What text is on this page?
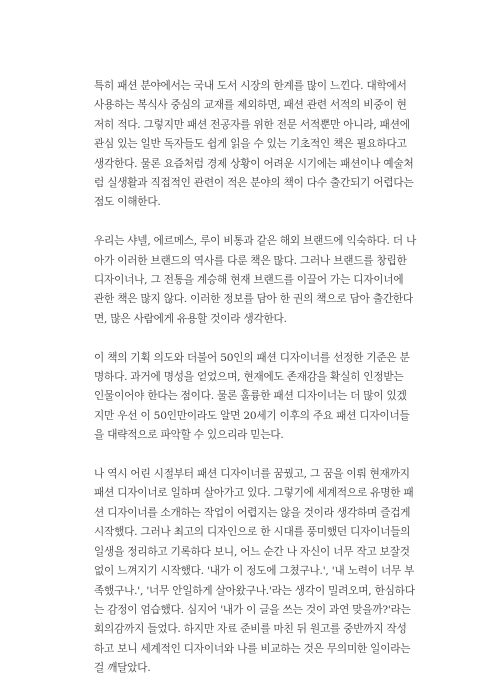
특히 패션 분야에서는 국내 도서 시장의 한계를 많이 느낀다. 대학에서
사용하는 복식사 중심의 교재를 제외하면, 패션 관련 서적의 비중이 현
저히 적다. 그렇지만 패션 전공자를 위한 전문 서적뿐만 아니라, 패션에
관심 있는 일반 독자들도 쉽게 읽을 수 있는 기초적인 책은 필요하다고
생각한다. 물론 요즘처럼 경제 상황이 어려운 시기에는 패션이나 예술처
럼 실생활과 직접적인 관련이 적은 분야의 책이 다수 출간되기 어렵다는
점도 이해한다.

우리는 샤넬, 에르메스, 루이 비통과 같은 해외 브랜드에 익숙하다. 더 나
아가 이러한 브랜드의 역사를 다룬 책은 많다. 그러나 브랜드를 창립한
디자이너나, 그 전통을 계승해 현재 브랜드를 이끌어 가는 디자이너에
관한 책은 많지 않다. 이러한 정보를 담아 한 권의 책으로 담아 출간한다
면, 많은 사람에게 유용할 것이라 생각한다.

이 책의 기획 의도와 더불어 50인의 패션 디자이너를 선정한 기준은 분
명하다. 과거에 명성을 얻었으며, 현재에도 존재감을 확실히 인정받는
인물이어야 한다는 점이다. 물론 훌륭한 패션 디자이너는 더 많이 있겠
지만 우선 이 50인만이라도 알면 20세기 이후의 주요 패션 디자이너들
을 대략적으로 파악할 수 있으리라 믿는다.

나 역시 어린 시절부터 패션 디자이너를 꿈꿨고, 그 꿈을 이뤄 현재까지
패션 디자이너로 일하며 살아가고 있다. 그렇기에 세계적으로 유명한 패
션 디자이너를 소개하는 작업이 어렵지는 않을 것이라 생각하며 즐겁게
시작했다. 그러나 최고의 디자인으로 한 시대를 풍미했던 디자이너들의
일생을 정리하고 기록하다 보니, 어느 순간 나 자신이 너무 작고 보잘것
없이 느껴지기 시작했다. '내가 이 정도에 그쳤구나.', '내 노력이 너무 부
족했구나.', '너무 안일하게 살아왔구나.'라는 생각이 밀려오며, 한심하다
는 감정이 엄습했다. 심지어 '내가 이 글을 쓰는 것이 과연 맞을까?'라는
회의감까지 들었다. 하지만 자료 준비를 마친 뒤 원고를 중반까지 작성
하고 보니 세계적인 디자이너와 나를 비교하는 것은 무의미한 일이라는
걸 깨달았다.
